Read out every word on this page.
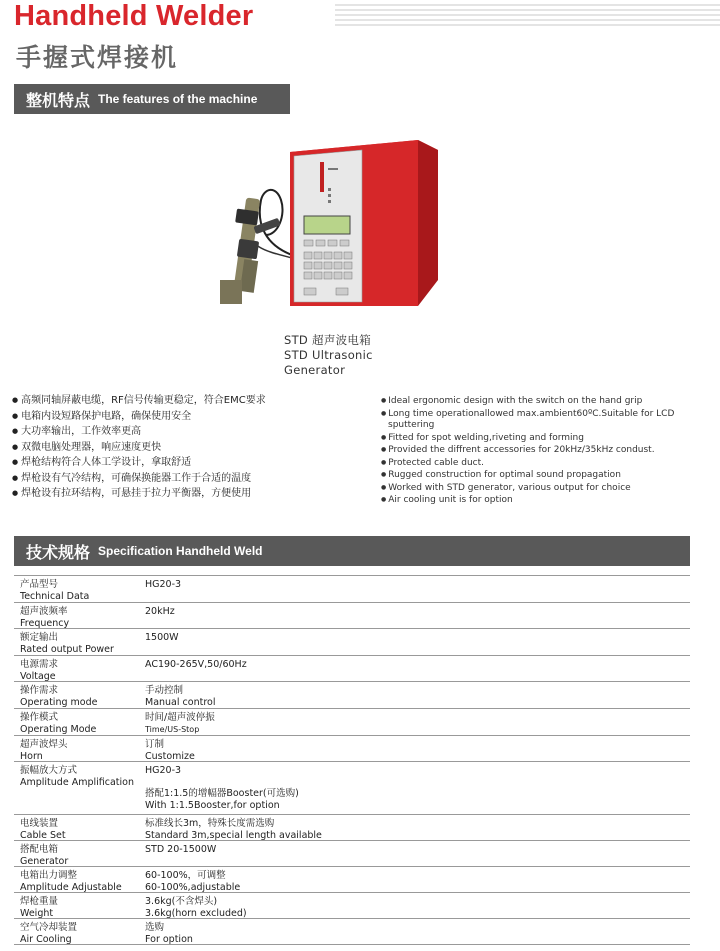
Handheld Welder
手握式焊接机
整机特点 The features of the machine
STD 超声波电箱
STD Ultrasonic
Generator
● 高频同轴屏蔽电缆，RF信号传输更稳定，符合EMC要求
● 电箱内设短路保护电路，确保使用安全
● 大功率输出，工作效率更高
● 双微电脑处理器，响应速度更快
● 焊枪结构符合人体工学设计，拿取舒适
● 焊枪设有气冷结构，可确保换能器工作于合适的温度
● 焊枪设有拉环结构，可悬挂于拉力平衡器，方便使用
● Ideal ergonomic design with the switch on the hand grip
● Long time operationallowed max.ambient60ºC.Suitable for LCD sputtering
● Fitted for spot welding,riveting and forming
● Provided the diffrent accessories for 20kHz/35kHz condust.
● Protected cable duct.
● Rugged construction for optimal sound propagation
● Worked with STD generator, various output for choice
● Air cooling unit is for option
技术规格 Specification Handheld Weld
产品型号
Technical Data
HG20-3
超声波频率
Frequency
20kHz
额定输出
Rated output Power
1500W
电源需求
Voltage
AC190-265V,50/60Hz
操作需求
Operating mode
手动控制
Manual control
操作模式
Operating Mode
时间/超声波停振
Time/US-Stop
超声波焊头
Horn
订制
Customize
振幅放大方式
Amplitude Amplification
HG20-3
搭配1:1.5的增幅器Booster(可选购)
With 1:1.5Booster,for option
电线装置
Cable Set
标准线长3m，特殊长度需选购
Standard 3m,special length available
搭配电箱
Generator
STD 20-1500W
电箱出力调整
Amplitude Adjustable
60-100%，可调整
60-100%,adjustable
焊枪重量
Weight
3.6kg(不含焊头)
3.6kg(horn excluded)
空气冷却装置
Air Cooling
选购
For option
